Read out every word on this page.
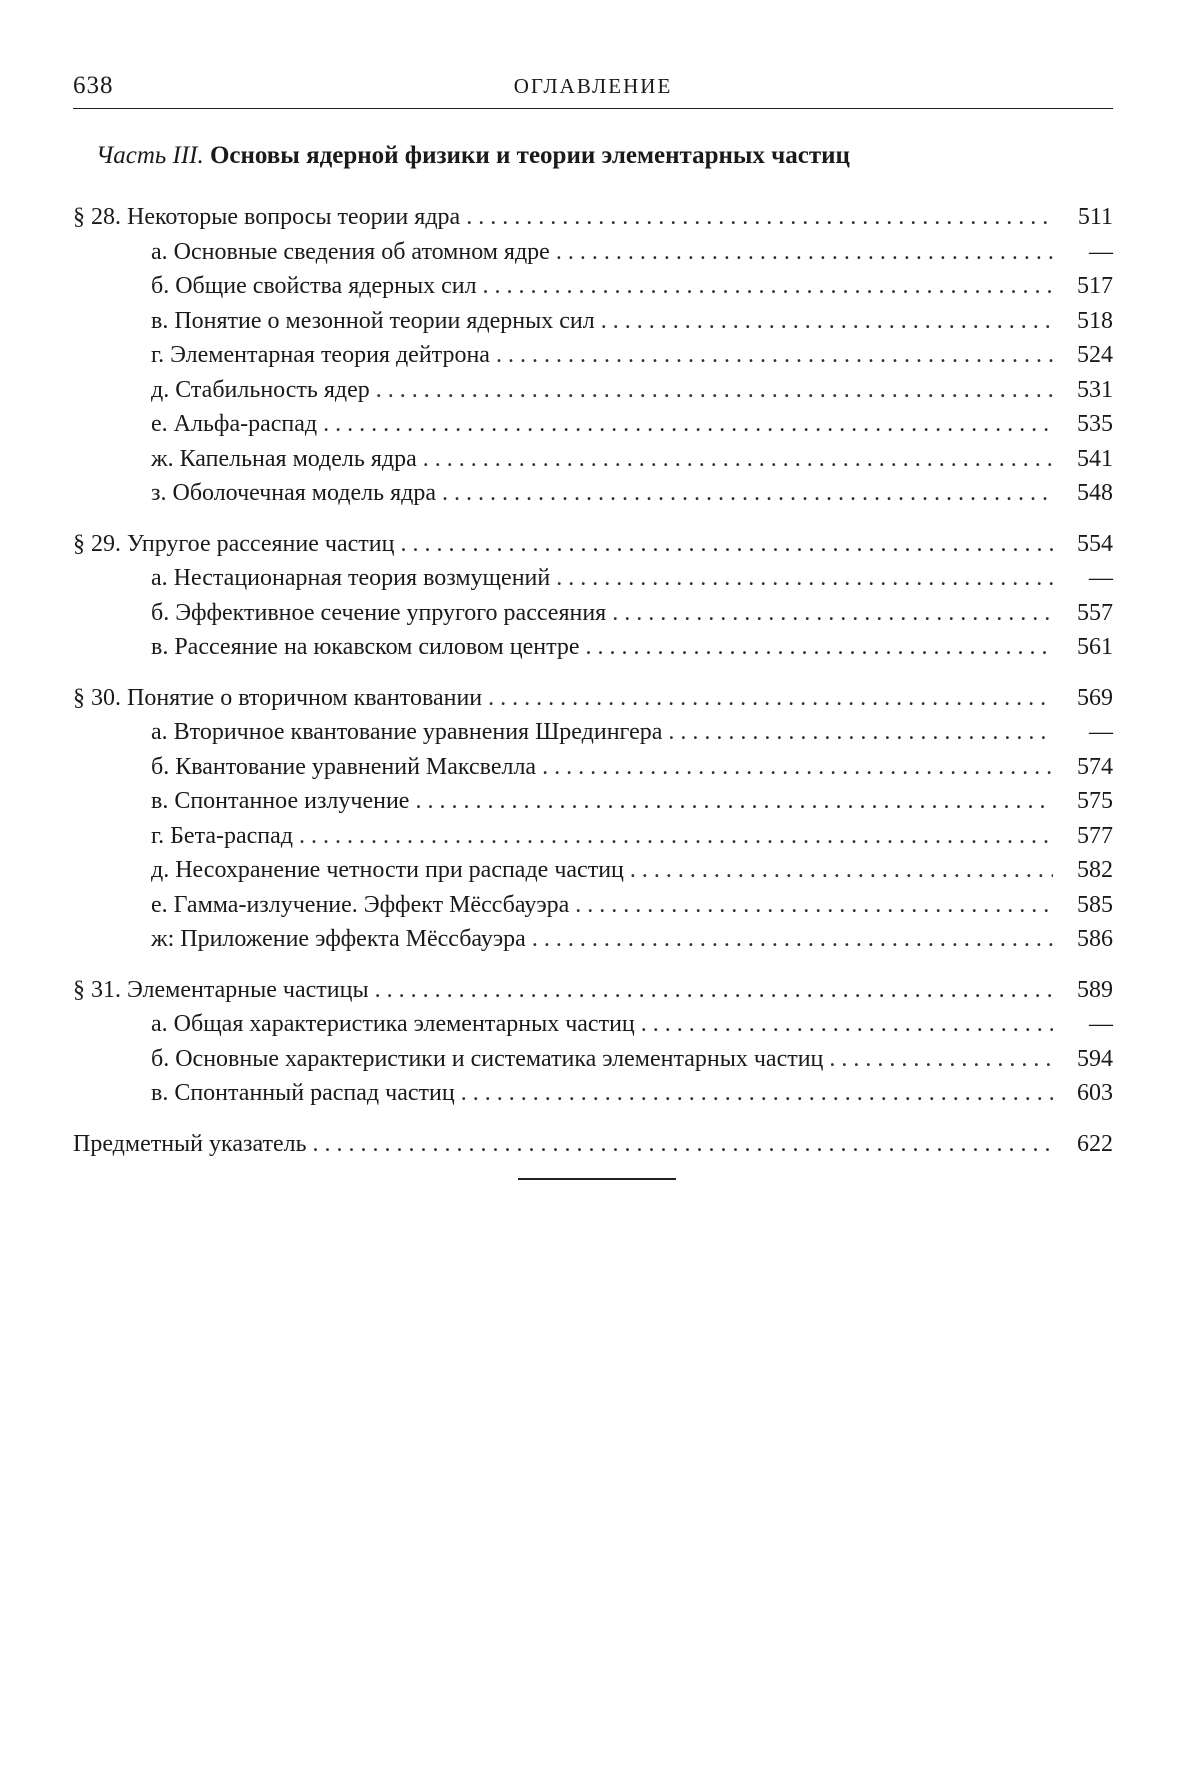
638	ОГЛАВЛЕНИЕ
Часть III. Основы ядерной физики и теории элементарных частиц
§ 28. Некоторые вопросы теории ядра . . .	511
а. Основные сведения об атомном ядре . . .	—
б. Общие свойства ядерных сил . . .	517
в. Понятие о мезонной теории ядерных сил . . .	518
г. Элементарная теория дейтрона . . .	524
д. Стабильность ядер . . .	531
е. Альфа-распад . . .	535
ж. Капельная модель ядра . . .	541
з. Оболочечная модель ядра . . .	548
§ 29. Упругое рассеяние частиц . . .	554
а. Нестационарная теория возмущений . . .	—
б. Эффективное сечение упругого рассеяния . . .	557
в. Рассеяние на юкавском силовом центре . . .	561
§ 30. Понятие о вторичном квантовании . . .	569
а. Вторичное квантование уравнения Шредингера . . .	—
б. Квантование уравнений Максвелла . . .	574
в. Спонтанное излучение . . .	575
г. Бета-распад . . .	577
д. Несохранение четности при распаде частиц . . .	582
е. Гамма-излучение. Эффект Мёссбауэра . . .	585
ж: Приложение эффекта Мёссбауэра . . .	586
§ 31. Элементарные частицы . . .	589
а. Общая характеристика элементарных частиц . . .	—
б. Основные характеристики и систематика элементарных частиц . . .	594
в. Спонтанный распад частиц . . .	603
Предметный указатель . . .	622
